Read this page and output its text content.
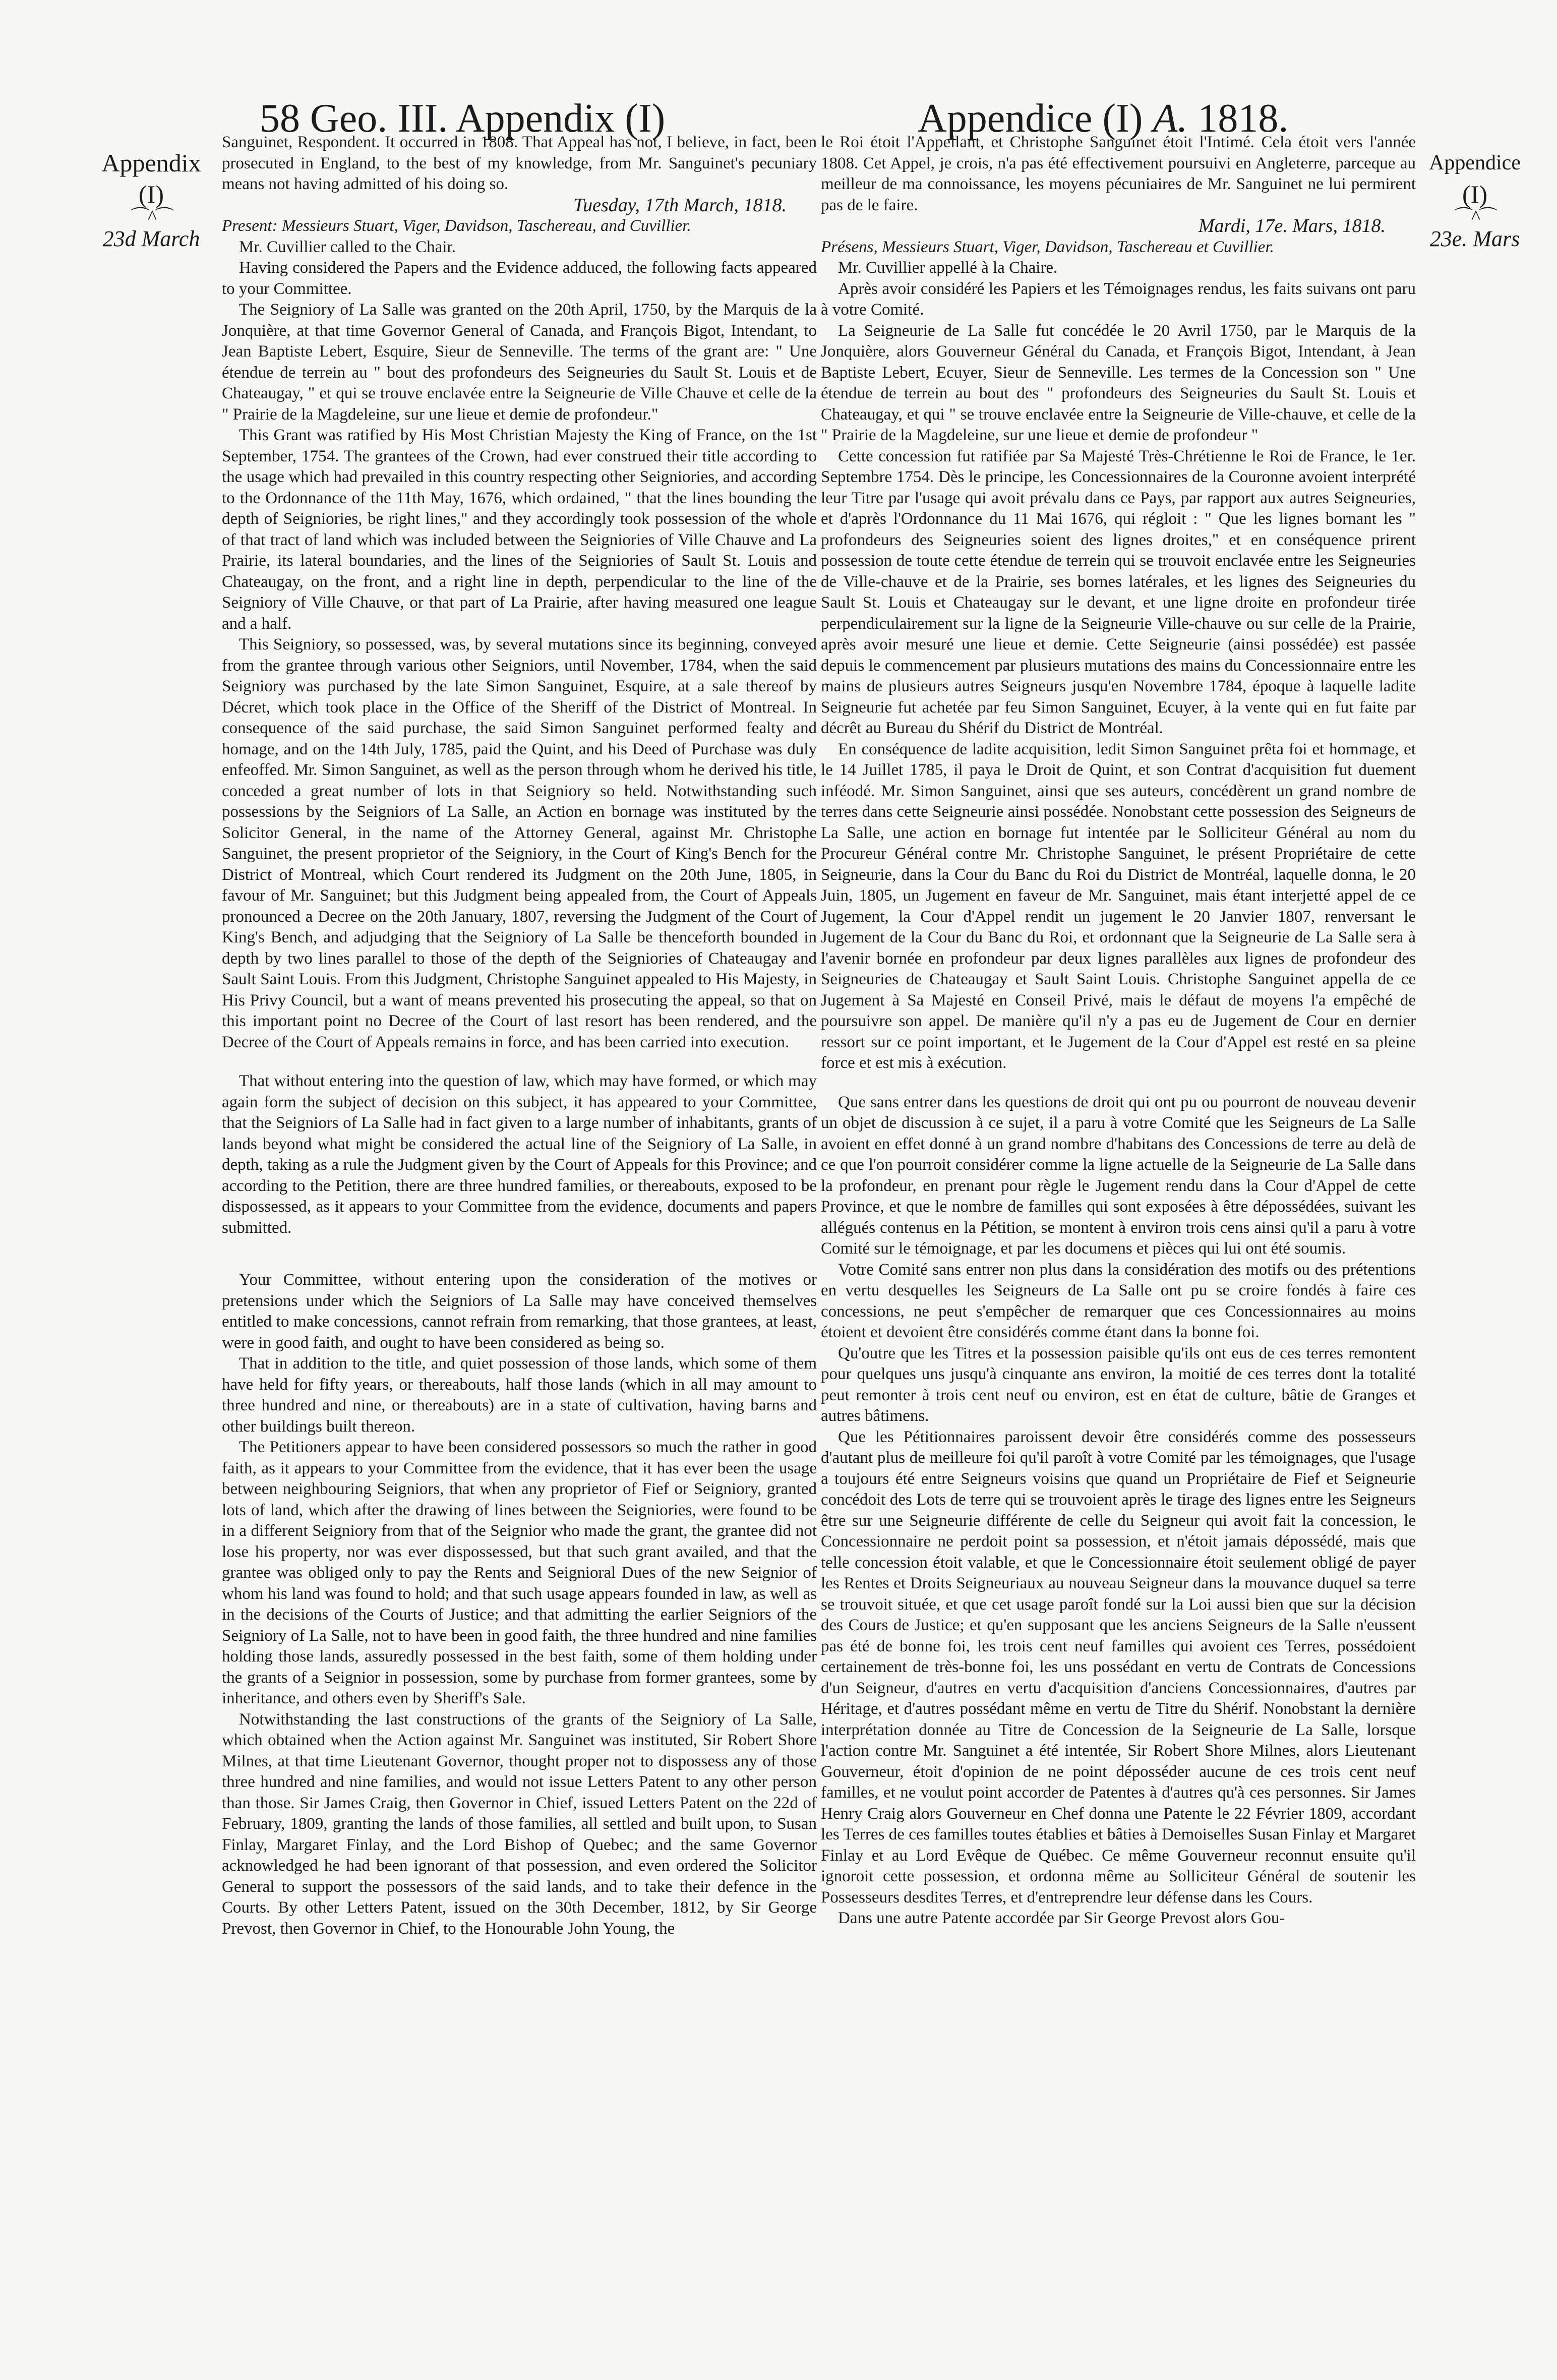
58 Geo. III. Appendix (I)	Appendice (I) A. 1818.
Appendix
(I)
⌒^⌒
23d March
Appendice
(I)
⌒^⌒
23e. Mars

Sanguinet, Respondent. It occurred in 1808. That Appeal has not, I believe, in fact, been prosecuted in England, to the best of my knowledge, from Mr. Sanguinet's pecuniary means not having admitted of his doing so.

Tuesday, 17th March, 1818.

Present: Messieurs Stuart, Viger, Davidson, Taschereau, and Cuvillier.

Mr. Cuvillier called to the Chair.

Having considered the Papers and the Evidence adduced, the following facts appeared to your Committee.

The Seigniory of La Salle was granted on the 20th April, 1750, by the Marquis de la Jonquière, at that time Governor General of Canada, and François Bigot, Intendant, to Jean Baptiste Lebert, Esquire, Sieur de Senneville. The terms of the grant are: " Une étendue de terrein au " bout des profondeurs des Seigneuries du Sault St. Louis et de Chateaugay, " et qui se trouve enclavée entre la Seigneurie de Ville Chauve et celle de la " Prairie de la Magdeleine, sur une lieue et demie de profondeur."

This Grant was ratified by His Most Christian Majesty the King of France, on the 1st September, 1754. The grantees of the Crown, had ever construed their title according to the usage which had prevailed in this country respecting other Seigniories, and according to the Ordonnance of the 11th May, 1676, which ordained, " that the lines bounding the depth of Seigniories, be right lines," and they accordingly took possession of the whole of that tract of land which was included between the Seigniories of Ville Chauve and La Prairie, its lateral boundaries, and the lines of the Seigniories of Sault St. Louis and Chateaugay, on the front, and a right line in depth, perpendicular to the line of the Seigniory of Ville Chauve, or that part of La Prairie, after having measured one league and a half.

This Seigniory, so possessed, was, by several mutations since its beginning, conveyed from the grantee through various other Seigniors, until November, 1784, when the said Seigniory was purchased by the late Simon Sanguinet, Esquire, at a sale thereof by Décret, which took place in the Office of the Sheriff of the District of Montreal. In consequence of the said purchase, the said Simon Sanguinet performed fealty and homage, and on the 14th July, 1785, paid the Quint, and his Deed of Purchase was duly enfeoffed. Mr. Simon Sanguinet, as well as the person through whom he derived his title, conceded a great number of lots in that Seigniory so held. Notwithstanding such possessions by the Seigniors of La Salle, an Action en bornage was instituted by the Solicitor General, in the name of the Attorney General, against Mr. Christophe Sanguinet, the present proprietor of the Seigniory, in the Court of King's Bench for the District of Montreal, which Court rendered its Judgment on the 20th June, 1805, in favour of Mr. Sanguinet; but this Judgment being appealed from, the Court of Appeals pronounced a Decree on the 20th January, 1807, reversing the Judgment of the Court of King's Bench, and adjudging that the Seigniory of La Salle be thenceforth bounded in depth by two lines parallel to those of the depth of the Seigniories of Chateaugay and Sault Saint Louis. From this Judgment, Christophe Sanguinet appealed to His Majesty, in His Privy Council, but a want of means prevented his prosecuting the appeal, so that on this important point no Decree of the Court of last resort has been rendered, and the Decree of the Court of Appeals remains in force, and has been carried into execution.

That without entering into the question of law, which may have formed, or which may again form the subject of decision on this subject, it has appeared to your Committee, that the Seigniors of La Salle had in fact given to a large number of inhabitants, grants of lands beyond what might be considered the actual line of the Seigniory of La Salle, in depth, taking as a rule the Judgment given by the Court of Appeals for this Province; and according to the Petition, there are three hundred families, or thereabouts, exposed to be dispossessed, as it appears to your Committee from the evidence, documents and papers submitted.

Your Committee, without entering upon the consideration of the motives or pretensions under which the Seigniors of La Salle may have conceived themselves entitled to make concessions, cannot refrain from remarking, that those grantees, at least, were in good faith, and ought to have been considered as being so.

That in addition to the title, and quiet possession of those lands, which some of them have held for fifty years, or thereabouts, half those lands (which in all may amount to three hundred and nine, or thereabouts) are in a state of cultivation, having barns and other buildings built thereon.

The Petitioners appear to have been considered possessors so much the rather in good faith, as it appears to your Committee from the evidence, that it has ever been the usage between neighbouring Seigniors, that when any proprietor of Fief or Seigniory, granted lots of land, which after the drawing of lines between the Seigniories, were found to be in a different Seigniory from that of the Seignior who made the grant, the grantee did not lose his property, nor was ever dispossessed, but that such grant availed, and that the grantee was obliged only to pay the Rents and Seignioral Dues of the new Seignior of whom his land was found to hold; and that such usage appears founded in law, as well as in the decisions of the Courts of Justice; and that admitting the earlier Seigniors of the Seigniory of La Salle, not to have been in good faith, the three hundred and nine families holding those lands, assuredly possessed in the best faith, some of them holding under the grants of a Seignior in possession, some by purchase from former grantees, some by inheritance, and others even by Sheriff's Sale.

Notwithstanding the last constructions of the grants of the Seigniory of La Salle, which obtained when the Action against Mr. Sanguinet was instituted, Sir Robert Shore Milnes, at that time Lieutenant Governor, thought proper not to dispossess any of those three hundred and nine families, and would not issue Letters Patent to any other person than those. Sir James Craig, then Governor in Chief, issued Letters Patent on the 22d of February, 1809, granting the lands of those families, all settled and built upon, to Susan Finlay, Margaret Finlay, and the Lord Bishop of Quebec; and the same Governor acknowledged he had been ignorant of that possession, and even ordered the Solicitor General to support the possessors of the said lands, and to take their defence in the Courts. By other Letters Patent, issued on the 30th December, 1812, by Sir George Prevost, then Governor in Chief, to the Honourable John Young, the

le Roi étoit l'Appellant, et Christophe Sanguinet étoit l'Intimé. Cela étoit vers l'année 1808. Cet Appel, je crois, n'a pas été effectivement poursuivi en Angleterre, parceque au meilleur de ma connoissance, les moyens pécuniaires de Mr. Sanguinet ne lui permirent pas de le faire.

Mardi, 17e. Mars, 1818.

Présens, Messieurs Stuart, Viger, Davidson, Taschereau et Cuvillier.

Mr. Cuvillier appellé à la Chaire.

Après avoir considéré les Papiers et les Témoignages rendus, les faits suivans ont paru à votre Comité.

La Seigneurie de La Salle fut concédée le 20 Avril 1750, par le Marquis de la Jonquière, alors Gouverneur Général du Canada, et François Bigot, Intendant, à Jean Baptiste Lebert, Ecuyer, Sieur de Senneville. Les termes de la Concession son " Une étendue de terrein au bout des " profondeurs des Seigneuries du Sault St. Louis et Chateaugay, et qui " se trouve enclavée entre la Seigneurie de Ville-chauve, et celle de la " Prairie de la Magdeleine, sur une lieue et demie de profondeur "

Cette concession fut ratifiée par Sa Majesté Très-Chrétienne le Roi de France, le 1er. Septembre 1754. Dès le principe, les Concessionnaires de la Couronne avoient interprété leur Titre par l'usage qui avoit prévalu dans ce Pays, par rapport aux autres Seigneuries, et d'après l'Ordonnance du 11 Mai 1676, qui régloit : " Que les lignes bornant les " profondeurs des Seigneuries soient des lignes droites," et en conséquence prirent possession de toute cette étendue de terrein qui se trouvoit enclavée entre les Seigneuries de Ville-chauve et de la Prairie, ses bornes latérales, et les lignes des Seigneuries du Sault St. Louis et Chateaugay sur le devant, et une ligne droite en profondeur tirée perpendiculairement sur la ligne de la Seigneurie Ville-chauve ou sur celle de la Prairie, après avoir mesuré une lieue et demie. Cette Seigneurie (ainsi possédée) est passée depuis le commencement par plusieurs mutations des mains du Concessionnaire entre les mains de plusieurs autres Seigneurs jusqu'en Novembre 1784, époque à laquelle ladite Seigneurie fut achetée par feu Simon Sanguinet, Ecuyer, à la vente qui en fut faite par décrêt au Bureau du Shérif du District de Montréal.

En conséquence de ladite acquisition, ledit Simon Sanguinet prêta foi et hommage, et le 14 Juillet 1785, il paya le Droit de Quint, et son Contrat d'acquisition fut duement inféodé. Mr. Simon Sanguinet, ainsi que ses auteurs, concédèrent un grand nombre de terres dans cette Seigneurie ainsi possédée. Nonobstant cette possession des Seigneurs de La Salle, une action en bornage fut intentée par le Solliciteur Général au nom du Procureur Général contre Mr. Christophe Sanguinet, le présent Propriétaire de cette Seigneurie, dans la Cour du Banc du Roi du District de Montréal, laquelle donna, le 20 Juin, 1805, un Jugement en faveur de Mr. Sanguinet, mais étant interjetté appel de ce Jugement, la Cour d'Appel rendit un jugement le 20 Janvier 1807, renversant le Jugement de la Cour du Banc du Roi, et ordonnant que la Seigneurie de La Salle sera à l'avenir bornée en profondeur par deux lignes parallèles aux lignes de profondeur des Seigneuries de Chateaugay et Sault Saint Louis. Christophe Sanguinet appella de ce Jugement à Sa Majesté en Conseil Privé, mais le défaut de moyens l'a empêché de poursuivre son appel. De manière qu'il n'y a pas eu de Jugement de Cour en dernier ressort sur ce point important, et le Jugement de la Cour d'Appel est resté en sa pleine force et est mis à exécution.

Que sans entrer dans les questions de droit qui ont pu ou pourront de nouveau devenir un objet de discussion à ce sujet, il a paru à votre Comité que les Seigneurs de La Salle avoient en effet donné à un grand nombre d'habitans des Concessions de terre au delà de ce que l'on pourroit considérer comme la ligne actuelle de la Seigneurie de La Salle dans la profondeur, en prenant pour règle le Jugement rendu dans la Cour d'Appel de cette Province, et que le nombre de familles qui sont exposées à être dépossédées, suivant les allégués contenus en la Pétition, se montent à environ trois cens ainsi qu'il a paru à votre Comité sur le témoignage, et par les documens et pièces qui lui ont été soumis.

Votre Comité sans entrer non plus dans la considération des motifs ou des prétentions en vertu desquelles les Seigneurs de La Salle ont pu se croire fondés à faire ces concessions, ne peut s'empêcher de remarquer que ces Concessionnaires au moins étoient et devoient être considérés comme étant dans la bonne foi.

Qu'outre que les Titres et la possession paisible qu'ils ont eus de ces terres remontent pour quelques uns jusqu'à cinquante ans environ, la moitié de ces terres dont la totalité peut remonter à trois cent neuf ou environ, est en état de culture, bâtie de Granges et autres bâtimens.

Que les Pétitionnaires paroissent devoir être considérés comme des possesseurs d'autant plus de meilleure foi qu'il paroît à votre Comité par les témoignages, que l'usage a toujours été entre Seigneurs voisins que quand un Propriétaire de Fief et Seigneurie concédoit des Lots de terre qui se trouvoient après le tirage des lignes entre les Seigneurs être sur une Seigneurie différente de celle du Seigneur qui avoit fait la concession, le Concessionnaire ne perdoit point sa possession, et n'étoit jamais dépossédé, mais que telle concession étoit valable, et que le Concessionnaire étoit seulement obligé de payer les Rentes et Droits Seigneuriaux au nouveau Seigneur dans la mouvance duquel sa terre se trouvoit située, et que cet usage paroît fondé sur la Loi aussi bien que sur la décision des Cours de Justice; et qu'en supposant que les anciens Seigneurs de la Salle n'eussent pas été de bonne foi, les trois cent neuf familles qui avoient ces Terres, possédoient certainement de très-bonne foi, les uns possédant en vertu de Contrats de Concessions d'un Seigneur, d'autres en vertu d'acquisition d'anciens Concessionnaires, d'autres par Héritage, et d'autres possédant même en vertu de Titre du Shérif. Nonobstant la dernière interprétation donnée au Titre de Concession de la Seigneurie de La Salle, lorsque l'action contre Mr. Sanguinet a été intentée, Sir Robert Shore Milnes, alors Lieutenant Gouverneur, étoit d'opinion de ne point déposséder aucune de ces trois cent neuf familles, et ne voulut point accorder de Patentes à d'autres qu'à ces personnes. Sir James Henry Craig alors Gouverneur en Chef donna une Patente le 22 Février 1809, accordant les Terres de ces familles toutes établies et bâties à Demoiselles Susan Finlay et Margaret Finlay et au Lord Evêque de Québec. Ce même Gouverneur reconnut ensuite qu'il ignoroit cette possession, et ordonna même au Solliciteur Général de soutenir les Possesseurs desdites Terres, et d'entreprendre leur défense dans les Cours.

Dans une autre Patente accordée par Sir George Prevost alors Gou-
